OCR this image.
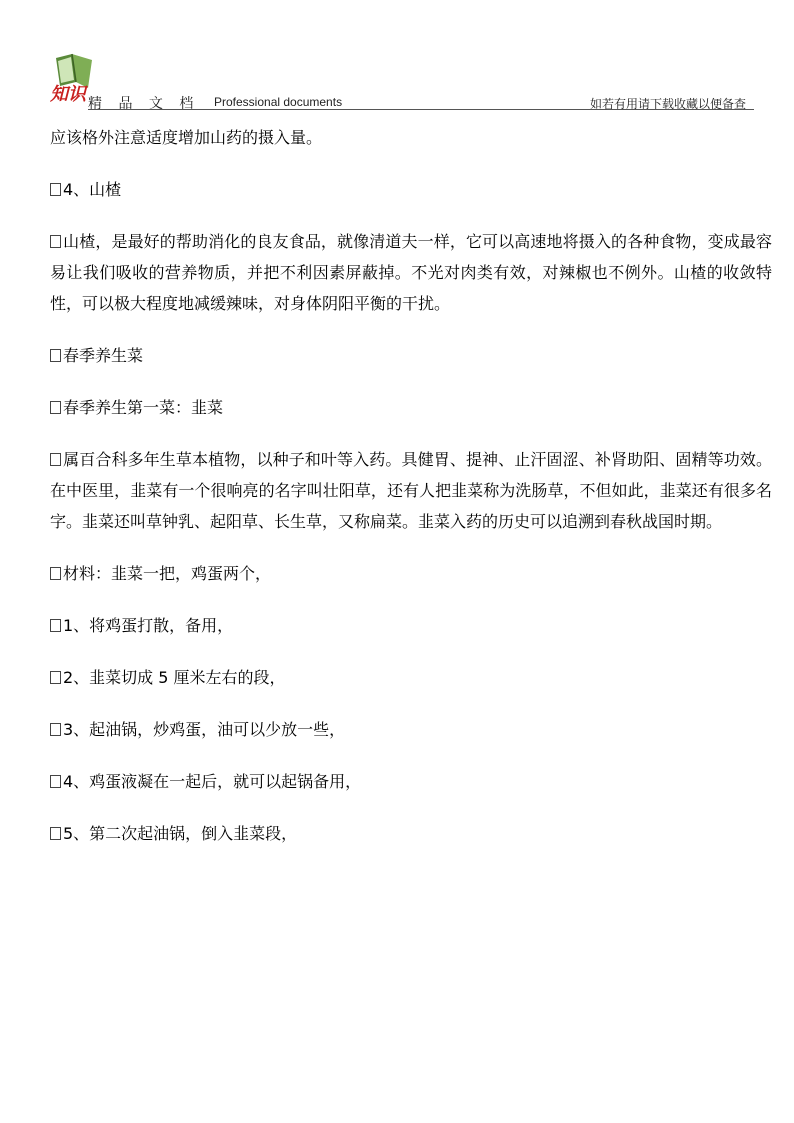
知识 精 品 文 档 Professional documents	如若有用请下载收藏以便备查

应该格外注意适度增加山药的摄入量。

4、山楂

山楂，是最好的帮助消化的良友食品，就像清道夫一样，它可以高速地将摄入的各种食物，变成最容易让我们吸收的营养物质，并把不利因素屏蔽掉。不光对肉类有效，对辣椒也不例外。山楂的收敛特性，可以极大程度地减缓辣味，对身体阴阳平衡的干扰。

春季养生菜

春季养生第一菜：韭菜

属百合科多年生草本植物，以种子和叶等入药。具健胃、提神、止汗固涩、补肾助阳、固精等功效。在中医里，韭菜有一个很响亮的名字叫壮阳草，还有人把韭菜称为洗肠草，不但如此，韭菜还有很多名字。韭菜还叫草钟乳、起阳草、长生草，又称扁菜。韭菜入药的历史可以追溯到春秋战国时期。

材料：韭菜一把，鸡蛋两个，

1、将鸡蛋打散，备用，

2、韭菜切成 5 厘米左右的段，

3、起油锅，炒鸡蛋，油可以少放一些，

4、鸡蛋液凝在一起后，就可以起锅备用，

5、第二次起油锅，倒入韭菜段，
